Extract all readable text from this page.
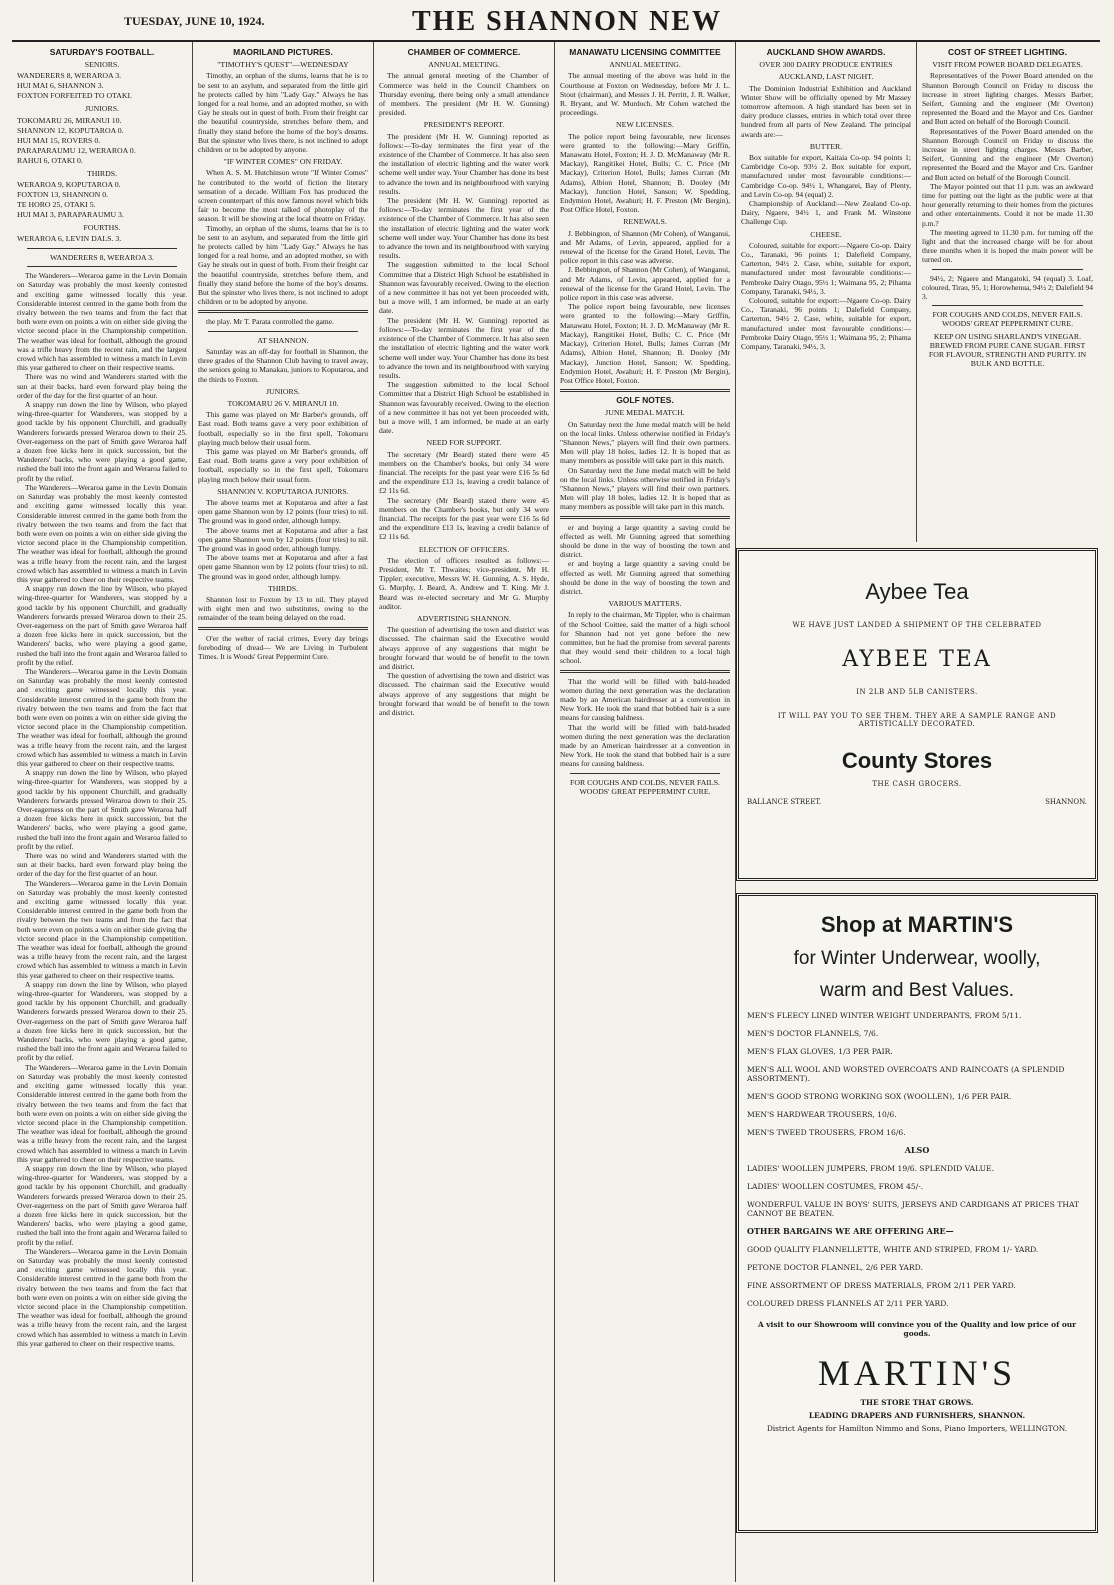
TUESDAY, JUNE 10, 1924.	THE SHANNON NEW
SATURDAY'S FOOTBALL.
SENIORS.
WANDERERS 8, WERAROA 3.
HUI MAI 6, SHANNON 3.
FOXTON FORFEITED TO OTAKI.
JUNIORS.
TOKOMARU 26, MIRANUI 10.
SHANNON 12, KOPUTAROA 0.
HUI MAI 15, ROVERS 0.
PARAPARAUMU 12, WERAROA 0.
RAHUI 6, OTAKI 0.
THIRDS.
WERAROA 9, KOPUTAROA 0.
FOXTON 13, SHANNON 0.
TE HORO 25, OTAKI 5.
HUI MAI 3, PARAPARAUMU 3.
FOURTHS.
WERAROA 6, LEVIN DALS. 3.
WANDERERS 8, WERAROA 3.

The Wanderers—Weraroa game in the Levin Domain on Saturday was probably the most keenly contested and exciting game witnessed locally this year. Considerable interest centred in the game both from the rivalry between the two teams and from the fact that both were even on points a win on either side giving the victor second place in the Championship competition. The weather was ideal for football, although the ground was a trifle heavy from the recent rain, and the largest crowd which has assembled to witness a match in Levin this year gathered to cheer on their respective teams.

There was no wind and Wanderers started with the sun at their backs, hard even forward play being the order of the day for the first quarter of an hour.

A snappy run down the line by Wilson, who played wing-three-quarter for Wanderers, was stopped by a good tackle by his opponent Churchill, and gradually Wanderers forwards pressed Weraroa down to their 25. Over-eagerness on the part of Smith gave Weraroa half a dozen free kicks here in quick succession, but the Wanderers' backs, who were playing a good game, rushed the ball into the front again and Weraroa failed to profit by the relief.

The Wanderers—Weraroa game in the Levin Domain on Saturday was probably the most keenly contested and exciting game witnessed locally this year. Considerable interest centred in the game both from the rivalry between the two teams and from the fact that both were even on points a win on either side giving the victor second place in the Championship competition. The weather was ideal for football, although the ground was a trifle heavy from the recent rain, and the largest crowd which has assembled to witness a match in Levin this year gathered to cheer on their respective teams.

A snappy run down the line by Wilson, who played wing-three-quarter for Wanderers, was stopped by a good tackle by his opponent Churchill, and gradually Wanderers forwards pressed Weraroa down to their 25. Over-eagerness on the part of Smith gave Weraroa half a dozen free kicks here in quick succession, but the Wanderers' backs, who were playing a good game, rushed the ball into the front again and Weraroa failed to profit by the relief.

The Wanderers—Weraroa game in the Levin Domain on Saturday was probably the most keenly contested and exciting game witnessed locally this year. Considerable interest centred in the game both from the rivalry between the two teams and from the fact that both were even on points a win on either side giving the victor second place in the Championship competition. The weather was ideal for football, although the ground was a trifle heavy from the recent rain, and the largest crowd which has assembled to witness a match in Levin this year gathered to cheer on their respective teams.

A snappy run down the line by Wilson, who played wing-three-quarter for Wanderers, was stopped by a good tackle by his opponent Churchill, and gradually Wanderers forwards pressed Weraroa down to their 25. Over-eagerness on the part of Smith gave Weraroa half a dozen free kicks here in quick succession, but the Wanderers' backs, who were playing a good game, rushed the ball into the front again and Weraroa failed to profit by the relief.

There was no wind and Wanderers started with the sun at their backs, hard even forward play being the order of the day for the first quarter of an hour.

The Wanderers—Weraroa game in the Levin Domain on Saturday was probably the most keenly contested and exciting game witnessed locally this year. Considerable interest centred in the game both from the rivalry between the two teams and from the fact that both were even on points a win on either side giving the victor second place in the Championship competition. The weather was ideal for football, although the ground was a trifle heavy from the recent rain, and the largest crowd which has assembled to witness a match in Levin this year gathered to cheer on their respective teams.

A snappy run down the line by Wilson, who played wing-three-quarter for Wanderers, was stopped by a good tackle by his opponent Churchill, and gradually Wanderers forwards pressed Weraroa down to their 25. Over-eagerness on the part of Smith gave Weraroa half a dozen free kicks here in quick succession, but the Wanderers' backs, who were playing a good game, rushed the ball into the front again and Weraroa failed to profit by the relief.

The Wanderers—Weraroa game in the Levin Domain on Saturday was probably the most keenly contested and exciting game witnessed locally this year. Considerable interest centred in the game both from the rivalry between the two teams and from the fact that both were even on points a win on either side giving the victor second place in the Championship competition. The weather was ideal for football, although the ground was a trifle heavy from the recent rain, and the largest crowd which has assembled to witness a match in Levin this year gathered to cheer on their respective teams.

A snappy run down the line by Wilson, who played wing-three-quarter for Wanderers, was stopped by a good tackle by his opponent Churchill, and gradually Wanderers forwards pressed Weraroa down to their 25. Over-eagerness on the part of Smith gave Weraroa half a dozen free kicks here in quick succession, but the Wanderers' backs, who were playing a good game, rushed the ball into the front again and Weraroa failed to profit by the relief.

The Wanderers—Weraroa game in the Levin Domain on Saturday was probably the most keenly contested and exciting game witnessed locally this year. Considerable interest centred in the game both from the rivalry between the two teams and from the fact that both were even on points a win on either side giving the victor second place in the Championship competition. The weather was ideal for football, although the ground was a trifle heavy from the recent rain, and the largest crowd which has assembled to witness a match in Levin this year gathered to cheer on their respective teams.

MAORILAND PICTURES.
"TIMOTHY'S QUEST"—WEDNESDAY

Timothy, an orphan of the slums, learns that he is to be sent to an asylum, and separated from the little girl he protects called by him "Lady Gay." Always he has longed for a real home, and an adopted mother, so with Gay he steals out in quest of both. From their freight car the beautiful countryside, stretches before them, and finally they stand before the home of the boy's dreams. But the spinster who lives there, is not inclined to adopt children or to be adopted by anyone.

"IF WINTER COMES" ON FRIDAY.

When A. S. M. Hutchinson wrote "If Winter Comes" he contributed to the world of fiction the literary sensation of a decade. William Fox has produced the screen counterpart of this now famous novel which bids fair to become the most talked of photoplay of the season. It will be showing at the local theatre on Friday.

Timothy, an orphan of the slums, learns that he is to be sent to an asylum, and separated from the little girl he protects called by him "Lady Gay." Always he has longed for a real home, and an adopted mother, so with Gay he steals out in quest of both. From their freight car the beautiful countryside, stretches before them, and finally they stand before the home of the boy's dreams. But the spinster who lives there, is not inclined to adopt children or to be adopted by anyone.

the play. Mr T. Parata controlled the game.

AT SHANNON.

Saturday was an off-day for football in Shannon, the three grades of the Shannon Club having to travel away, the seniors going to Manakau, juniors to Koputaroa, and the thirds to Foxton.

JUNIORS.
TOKOMARU 26 V. MIRANUI 10.

This game was played on Mr Barber's grounds, off East road. Both teams gave a very poor exhibition of football, especially so in the first spell, Tokomaru playing much below their usual form.

This game was played on Mr Barber's grounds, off East road. Both teams gave a very poor exhibition of football, especially so in the first spell, Tokomaru playing much below their usual form.

SHANNON V. KOPUTAROA JUNIORS.

The above teams met at Koputaroa and after a fast open game Shannon won by 12 points (four tries) to nil. The ground was in good order, although lumpy.

The above teams met at Koputaroa and after a fast open game Shannon won by 12 points (four tries) to nil. The ground was in good order, although lumpy.

The above teams met at Koputaroa and after a fast open game Shannon won by 12 points (four tries) to nil. The ground was in good order, although lumpy.

THIRDS.

Shannon lost to Foxton by 13 to nil. They played with eight men and two substitutes, owing to the remainder of the team being delayed on the road.

O'er the welter of racial crimes, Every day brings foreboding of dread— We are Living in Turbulent Times. It is Woods' Great Peppermint Cure.

CHAMBER OF COMMERCE.
ANNUAL MEETING.

The annual general meeting of the Chamber of Commerce was held in the Council Chambers on Thursday evening, there being only a small attendance of members. The president (Mr H. W. Gunning) presided.

PRESIDENT'S REPORT.

The president (Mr H. W. Gunning) reported as follows:—To-day terminates the first year of the existence of the Chamber of Commerce. It has also seen the installation of electric lighting and the water work scheme well under way. Your Chamber has done its best to advance the town and its neighbourhood with varying results.

The president (Mr H. W. Gunning) reported as follows:—To-day terminates the first year of the existence of the Chamber of Commerce. It has also seen the installation of electric lighting and the water work scheme well under way. Your Chamber has done its best to advance the town and its neighbourhood with varying results.

The suggestion submitted to the local School Committee that a District High School be established in Shannon was favourably received. Owing to the election of a new committee it has not yet been proceeded with, but a move will, I am informed, be made at an early date.

The president (Mr H. W. Gunning) reported as follows:—To-day terminates the first year of the existence of the Chamber of Commerce. It has also seen the installation of electric lighting and the water work scheme well under way. Your Chamber has done its best to advance the town and its neighbourhood with varying results.

The suggestion submitted to the local School Committee that a District High School be established in Shannon was favourably received. Owing to the election of a new committee it has not yet been proceeded with, but a move will, I am informed, be made at an early date.

NEED FOR SUPPORT.

The secretary (Mr Beard) stated there were 45 members on the Chamber's books, but only 34 were financial. The receipts for the past year were £16 5s 6d and the expenditure £13 1s, leaving a credit balance of £2 11s 6d.

The secretary (Mr Beard) stated there were 45 members on the Chamber's books, but only 34 were financial. The receipts for the past year were £16 5s 6d and the expenditure £13 1s, leaving a credit balance of £2 11s 6d.

ELECTION OF OFFICERS.

The election of officers resulted as follows:—President, Mr T. Thwaites; vice-president, Mr H. Tippler; executive, Messrs W. H. Gunning, A. S. Hyde, G. Murphy, J. Beard, A. Andrew and T. King. Mr J. Beard was re-elected secretary and Mr G. Murphy auditor.

ADVERTISING SHANNON.

The question of advertising the town and district was discussed. The chairman said the Executive would always approve of any suggestions that might be brought forward that would be of benefit to the town and district.

The question of advertising the town and district was discussed. The chairman said the Executive would always approve of any suggestions that might be brought forward that would be of benefit to the town and district.

MANAWATU LICENSING COMMITTEE
ANNUAL MEETING.

The annual meeting of the above was held in the Courthouse at Foxton on Wednesday, before Mr J. L. Stout (chairman), and Messrs J. H. Perritt, J. R. Walker, R. Bryant, and W. Murdoch. Mr Cohen watched the proceedings.

NEW LICENSES.

The police report being favourable, new licenses were granted to the following:—Mary Griffin, Manawatu Hotel, Foxton; H. J. D. McManaway (Mr R. Mackay), Rangitikei Hotel, Bulls; C. C. Price (Mr Mackay), Criterion Hotel, Bulls; James Curran (Mr Adams), Albion Hotel, Shannon; B. Dooley (Mr Mackay), Junction Hotel, Sanson; W. Spedding, Endymion Hotel, Awahuri; H. F. Preston (Mr Bergin), Post Office Hotel, Foxton.

RENEWALS.

J. Bebbington, of Shannon (Mr Cohen), of Wanganui, and Mr Adams, of Levin, appeared, applied for a renewal of the license for the Grand Hotel, Levin. The police report in this case was adverse.

J. Bebbington, of Shannon (Mr Cohen), of Wanganui, and Mr Adams, of Levin, appeared, applied for a renewal of the license for the Grand Hotel, Levin. The police report in this case was adverse.

The police report being favourable, new licenses were granted to the following:—Mary Griffin, Manawatu Hotel, Foxton; H. J. D. McManaway (Mr R. Mackay), Rangitikei Hotel, Bulls; C. C. Price (Mr Mackay), Criterion Hotel, Bulls; James Curran (Mr Adams), Albion Hotel, Shannon; B. Dooley (Mr Mackay), Junction Hotel, Sanson; W. Spedding, Endymion Hotel, Awahuri; H. F. Preston (Mr Bergin), Post Office Hotel, Foxton.

GOLF NOTES.
JUNE MEDAL MATCH.

On Saturday next the June medal match will be held on the local links. Unless otherwise notified in Friday's "Shannon News," players will find their own partners. Men will play 18 holes, ladies 12. It is hoped that as many members as possible will take part in this match.

On Saturday next the June medal match will be held on the local links. Unless otherwise notified in Friday's "Shannon News," players will find their own partners. Men will play 18 holes, ladies 12. It is hoped that as many members as possible will take part in this match.

er and buying a large quantity a saving could be effected as well. Mr Gunning agreed that something should be done in the way of boosting the town and district.

er and buying a large quantity a saving could be effected as well. Mr Gunning agreed that something should be done in the way of boosting the town and district.

VARIOUS MATTERS.

In reply to the chairman, Mr Tippler, who is chairman of the School Coittee, said the matter of a high school for Shannon had not yet gone before the new committee, but he had the promise from several parents that they would send their children to a local high school.

That the world will be filled with bald-headed women during the next generation was the declaration made by an American hairdresser at a convention in New York. He took the stand that bobbed hair is a sure means for causing baldness.

That the world will be filled with bald-headed women during the next generation was the declaration made by an American hairdresser at a convention in New York. He took the stand that bobbed hair is a sure means for causing baldness.

FOR COUGHS AND COLDS, NEVER FAILS. WOODS' GREAT PEPPERMINT CURE.
AUCKLAND SHOW AWARDS.
OVER 300 DAIRY PRODUCE ENTRIES
AUCKLAND, LAST NIGHT.

The Dominion Industrial Exhibition and Auckland Winter Show will be officially opened by Mr Massey tomorrow afternoon. A high standard has been set in dairy produce classes, entries in which total over three hundred from all parts of New Zealand. The principal awards are:—

BUTTER.

Box suitable for export, Kaitaia Co-op. 94 points 1; Cambridge Co-op. 93½ 2. Box suitable for export, manufactured under most favourable conditions:—Cambridge Co-op. 94½ 1, Whangarei, Bay of Plenty, and Levin Co-op. 94 (equal) 2.

Championship of Auckland:—New Zealand Co-op. Dairy, Ngaere, 94½ 1, and Frank M. Winstone Challenge Cup.

CHEESE.

Coloured, suitable for export:—Ngaere Co-op. Dairy Co., Taranaki, 96 points 1; Dalefield Company, Carterton, 94½ 2. Case, white, suitable for export, manufactured under most favourable conditions:—Pembroke Dairy Otago, 95½ 1; Waimana 95, 2; Pihama Company, Taranaki, 94½, 3.

Coloured, suitable for export:—Ngaere Co-op. Dairy Co., Taranaki, 96 points 1; Dalefield Company, Carterton, 94½ 2. Case, white, suitable for export, manufactured under most favourable conditions:—Pembroke Dairy Otago, 95½ 1; Waimana 95, 2; Pihama Company, Taranaki, 94½, 3.

COST OF STREET LIGHTING.
VISIT FROM POWER BOARD DELEGATES.

Representatives of the Power Board attended on the Shannon Borough Council on Friday to discuss the increase in street lighting charges. Messrs Barber, Seifert, Gunning and the engineer (Mr Overton) represented the Board and the Mayor and Crs. Gardner and Butt acted on behalf of the Borough Council.

Representatives of the Power Board attended on the Shannon Borough Council on Friday to discuss the increase in street lighting charges. Messrs Barber, Seifert, Gunning and the engineer (Mr Overton) represented the Board and the Mayor and Crs. Gardner and Butt acted on behalf of the Borough Council.

The Mayor pointed out that 11 p.m. was an awkward time for putting out the light as the public were at that hour generally returning to their homes from the pictures and other entertainments. Could it not be made 11.30 p.m.?

The meeting agreed to 11.30 p.m. for turning off the light and that the increased charge will be for about three months when it is hoped the main power will be turned on.

94½, 2; Ngaere and Mangatoki, 94 (equal) 3. Loaf, coloured, Tirau, 95, 1; Horowhenua, 94½ 2; Dalefield 94 3.

FOR COUGHS AND COLDS, NEVER FAILS. WOODS' GREAT PEPPERMINT CURE.
KEEP ON USING SHARLAND'S VINEGAR. BREWED FROM PURE CANE SUGAR. FIRST FOR FLAVOUR, STRENGTH AND PURITY. IN BULK AND BOTTLE.
Aybee Tea
WE HAVE JUST LANDED A SHIPMENT OF THE CELEBRATED
AYBEE TEA
IN 2LB AND 5LB CANISTERS.
IT WILL PAY YOU TO SEE THEM. THEY ARE A SAMPLE RANGE AND ARTISTICALLY DECORATED.
County Stores
THE CASH GROCERS.
BALLANCE STREET.	SHANNON.
Shop at MARTIN'S
for Winter Underwear, woolly,
warm and Best Values.
MEN'S FLEECY LINED WINTER WEIGHT UNDERPANTS, FROM 5/11.
MEN'S DOCTOR FLANNELS, 7/6.
MEN'S FLAX GLOVES, 1/3 PER PAIR.
MEN'S ALL WOOL AND WORSTED OVERCOATS AND RAINCOATS (A SPLENDID ASSORTMENT).
MEN'S GOOD STRONG WORKING SOX (WOOLLEN), 1/6 PER PAIR.
MEN'S HARDWEAR TROUSERS, 10/6.
MEN'S TWEED TROUSERS, FROM 16/6.
ALSO
LADIES' WOOLLEN JUMPERS, FROM 19/6. SPLENDID VALUE.
LADIES' WOOLLEN COSTUMES, FROM 45/-.
WONDERFUL VALUE IN BOYS' SUITS, JERSEYS AND CARDIGANS AT PRICES THAT CANNOT BE BEATEN.
OTHER BARGAINS WE ARE OFFERING ARE—
GOOD QUALITY FLANNELLETTE, WHITE AND STRIPED, FROM 1/- YARD.
PETONE DOCTOR FLANNEL, 2/6 PER YARD.
FINE ASSORTMENT OF DRESS MATERIALS, FROM 2/11 PER YARD.
COLOURED DRESS FLANNELS AT 2/11 PER YARD.
A visit to our Showroom will convince you of the Quality and low price of our goods.
MARTIN'S
THE STORE THAT GROWS.
LEADING DRAPERS AND FURNISHERS, SHANNON.
District Agents for Hamilton Nimmo and Sons, Piano Importers, WELLINGTON.
